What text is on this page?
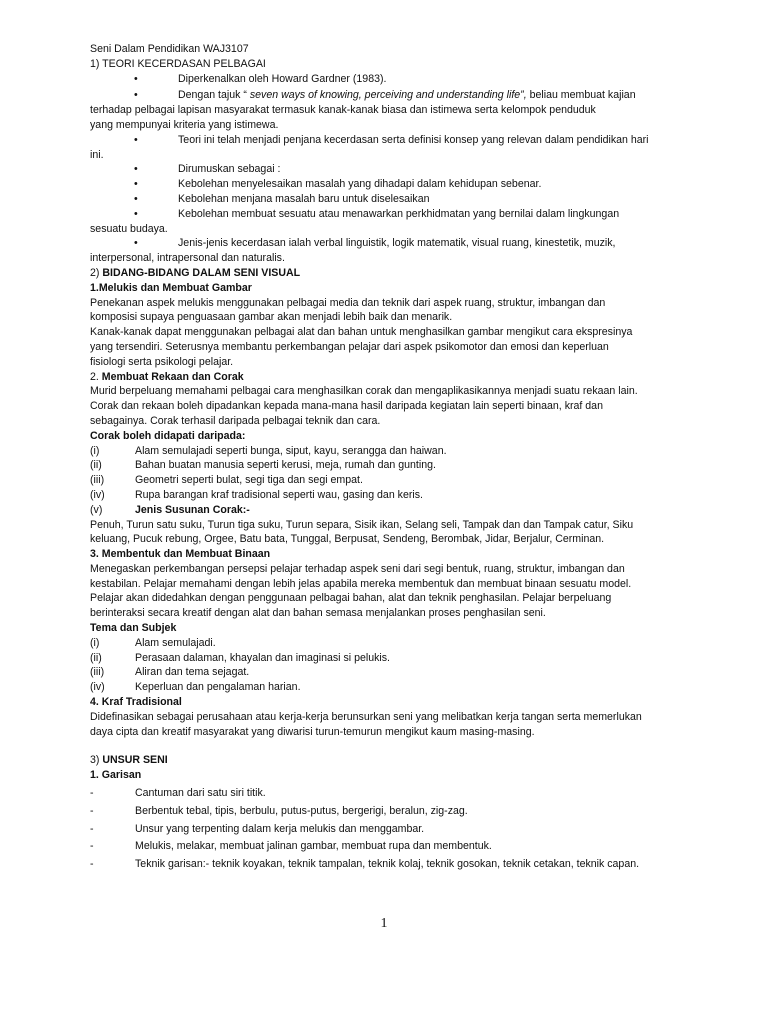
Seni Dalam Pendidikan WAJ3107
1) TEORI KECERDASAN PELBAGAI
•	Diperkenalkan oleh Howard Gardner (1983).
•	Dengan tajuk “ seven ways of knowing, perceiving and understanding life”, beliau membuat kajian
terhadap pelbagai lapisan masyarakat termasuk kanak-kanak biasa dan istimewa serta kelompok penduduk
yang mempunyai kriteria yang istimewa.
•	Teori ini telah menjadi penjana kecerdasan serta definisi konsep yang relevan dalam pendidikan hari
ini.
•	Dirumuskan sebagai :
•	Kebolehan menyelesaikan masalah yang dihadapi dalam kehidupan sebenar.
•	Kebolehan menjana masalah baru untuk diselesaikan
•	Kebolehan membuat sesuatu atau menawarkan perkhidmatan yang bernilai dalam lingkungan
sesuatu budaya.
•	Jenis-jenis kecerdasan ialah verbal linguistik, logik matematik, visual ruang, kinestetik, muzik,
interpersonal, intrapersonal dan naturalis.
2) BIDANG-BIDANG DALAM SENI VISUAL
1.Melukis dan Membuat Gambar
Penekanan aspek melukis menggunakan pelbagai media dan teknik dari aspek ruang, struktur, imbangan dan
komposisi supaya penguasaan gambar akan menjadi lebih baik dan menarik.
Kanak-kanak dapat menggunakan pelbagai alat dan bahan untuk menghasilkan gambar mengikut cara ekspresinya
yang tersendiri. Seterusnya membantu perkembangan pelajar dari aspek psikomotor dan emosi dan keperluan
fisiologi serta psikologi pelajar.
2. Membuat Rekaan dan Corak
Murid berpeluang memahami pelbagai cara menghasilkan corak dan mengaplikasikannya menjadi suatu rekaan lain.
Corak dan rekaan boleh dipadankan kepada mana-mana hasil daripada kegiatan lain seperti binaan, kraf dan
sebagainya. Corak terhasil daripada pelbagai teknik dan cara.
Corak boleh didapati daripada:
(i)	Alam semulajadi seperti bunga, siput, kayu, serangga dan haiwan.
(ii)	Bahan buatan manusia seperti kerusi, meja, rumah dan gunting.
(iii)	Geometri seperti bulat, segi tiga dan segi empat.
(iv)	Rupa barangan kraf tradisional seperti wau, gasing dan keris.
(v)	Jenis Susunan Corak:-
Penuh, Turun satu suku, Turun tiga suku, Turun separa, Sisik ikan, Selang seli, Tampak dan dan Tampak catur, Siku
keluang, Pucuk rebung, Orgee, Batu bata, Tunggal, Berpusat, Sendeng, Berombak, Jidar, Berjalur, Cerminan.
3. Membentuk dan Membuat Binaan
Menegaskan perkembangan persepsi pelajar terhadap aspek seni dari segi bentuk, ruang, struktur, imbangan dan
kestabilan. Pelajar memahami dengan lebih jelas apabila mereka membentuk dan membuat binaan sesuatu model.
Pelajar akan didedahkan dengan penggunaan pelbagai bahan, alat dan teknik penghasilan. Pelajar berpeluang
berinteraksi secara kreatif dengan alat dan bahan semasa menjalankan proses penghasilan seni.
Tema dan Subjek
(i)	Alam semulajadi.
(ii)	Perasaan dalaman, khayalan dan imaginasi si pelukis.
(iii)	Aliran dan tema sejagat.
(iv)	Keperluan dan pengalaman harian.
4. Kraf Tradisional
Didefinasikan sebagai perusahaan atau kerja-kerja berunsurkan seni yang melibatkan kerja tangan serta memerlukan
daya cipta dan kreatif masyarakat yang diwarisi turun-temurun mengikut kaum masing-masing.
3) UNSUR SENI
1. Garisan
-	Cantuman dari satu siri titik.
-	Berbentuk tebal, tipis, berbulu, putus-putus, bergerigi, beralun, zig-zag.
-	Unsur yang terpenting dalam kerja melukis dan menggambar.
-	Melukis, melakar, membuat jalinan gambar, membuat rupa dan membentuk.
-	Teknik garisan:- teknik koyakan, teknik tampalan, teknik kolaj, teknik gosokan, teknik cetakan, teknik capan.
1
